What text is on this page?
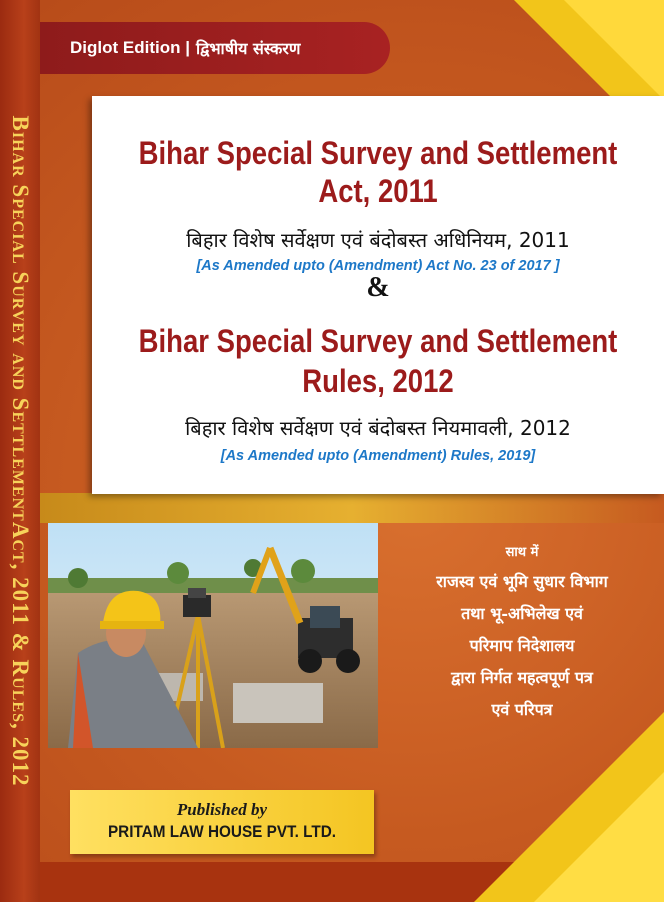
Bihar Special Survey and SettlementAct, 2011 & Rules, 2012
Diglot Edition | द्विभाषीय संस्करण
Bihar Special Survey and Settlement
Act, 2011
बिहार विशेष सर्वेक्षण एवं बंदोबस्त अधिनियम, 2011
[As Amended upto (Amendment) Act No. 23 of 2017 ]
&
Bihar Special Survey and Settlement
Rules, 2012
बिहार विशेष सर्वेक्षण एवं बंदोबस्त नियमावली, 2012
[As Amended upto (Amendment) Rules, 2019]
साथ में
राजस्व एवं भूमि सुधार विभाग
तथा भू-अभिलेख एवं
परिमाप निदेशालय
द्वारा निर्गत महत्वपूर्ण पत्र
एवं परिपत्र
Published by
PRITAM LAW HOUSE PVT. LTD.
